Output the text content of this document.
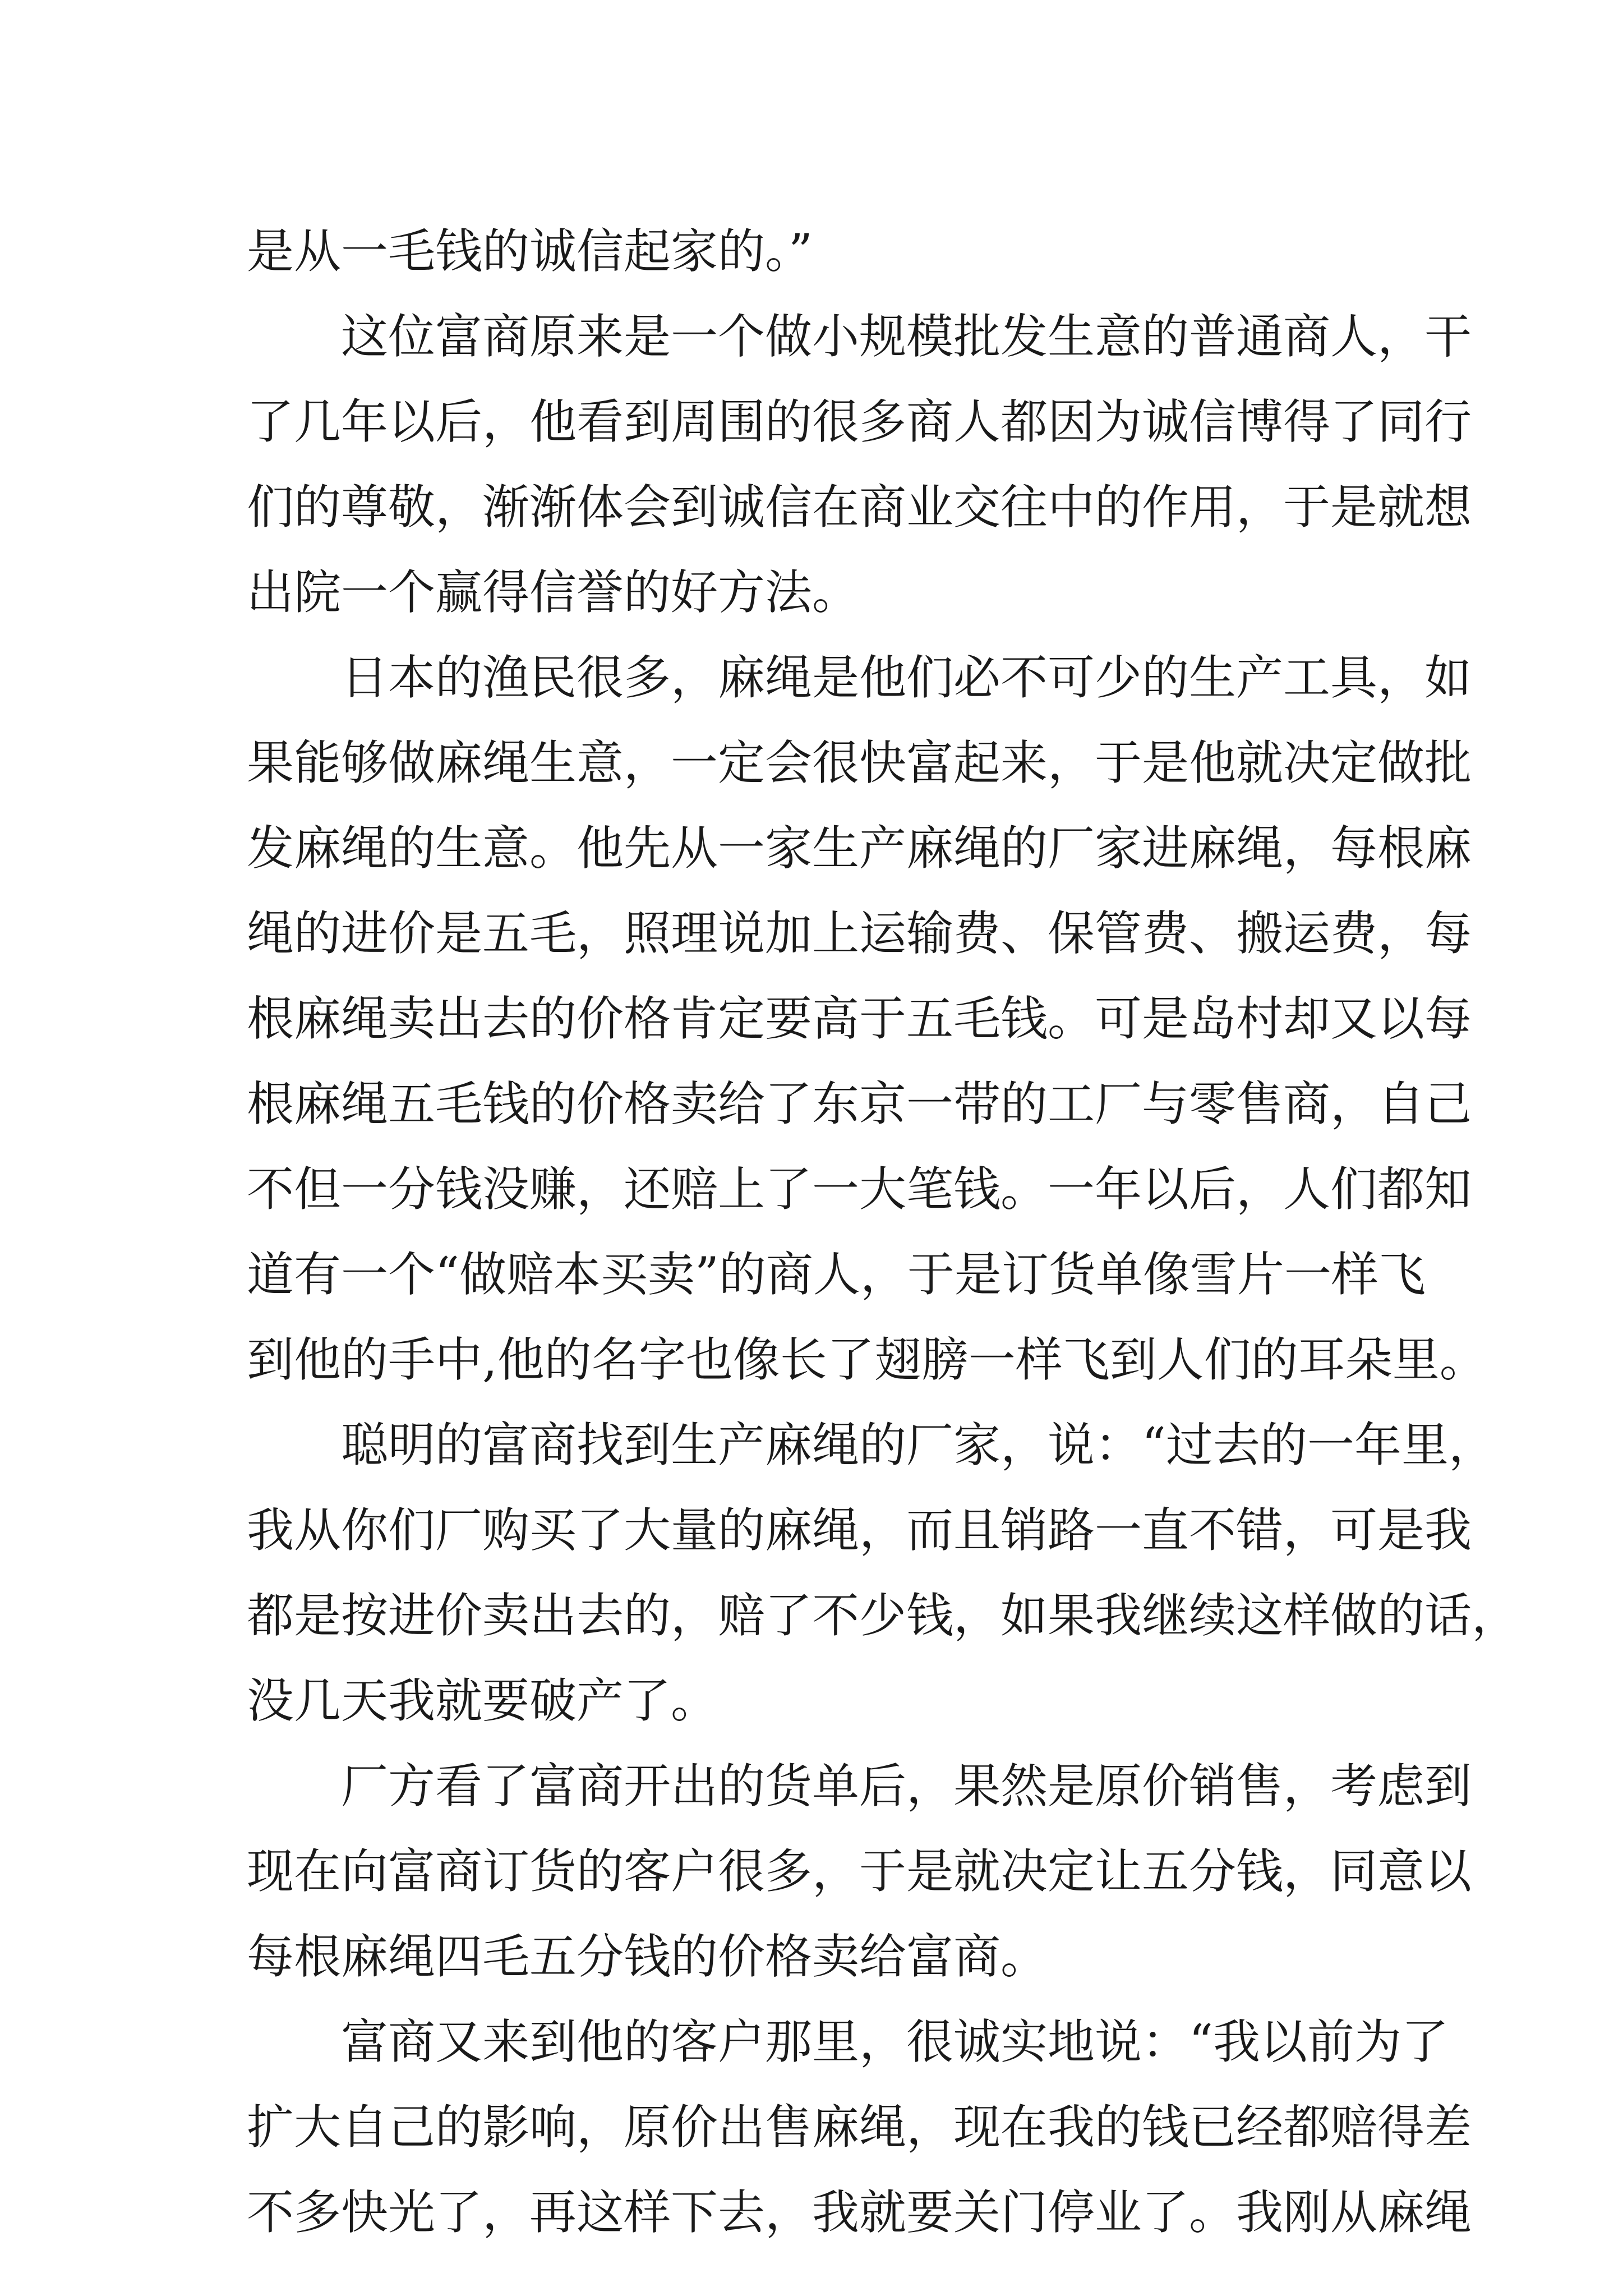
是从一毛钱的诚信起家的。”
这位富商原来是一个做小规模批发生意的普通商人，干
了几年以后，他看到周围的很多商人都因为诚信博得了同行
们的尊敬，渐渐体会到诚信在商业交往中的作用，于是就想
出院一个赢得信誉的好方法。
日本的渔民很多，麻绳是他们必不可少的生产工具，如
果能够做麻绳生意，一定会很快富起来，于是他就决定做批
发麻绳的生意。他先从一家生产麻绳的厂家进麻绳，每根麻
绳的进价是五毛，照理说加上运输费、保管费、搬运费，每
根麻绳卖出去的价格肯定要高于五毛钱。可是岛村却又以每
根麻绳五毛钱的价格卖给了东京一带的工厂与零售商，自己
不但一分钱没赚，还赔上了一大笔钱。一年以后，人们都知
道有一个“做赔本买卖”的商人，于是订货单像雪片一样飞
到他的手中,他的名字也像长了翅膀一样飞到人们的耳朵里。
聪明的富商找到生产麻绳的厂家，说：“过去的一年里，
我从你们厂购买了大量的麻绳，而且销路一直不错，可是我
都是按进价卖出去的，赔了不少钱，如果我继续这样做的话，
没几天我就要破产了。
厂方看了富商开出的货单后，果然是原价销售，考虑到
现在向富商订货的客户很多，于是就决定让五分钱，同意以
每根麻绳四毛五分钱的价格卖给富商。
富商又来到他的客户那里，很诚实地说：“我以前为了
扩大自己的影响，原价出售麻绳，现在我的钱已经都赔得差
不多快光了，再这样下去，我就要关门停业了。我刚从麻绳
